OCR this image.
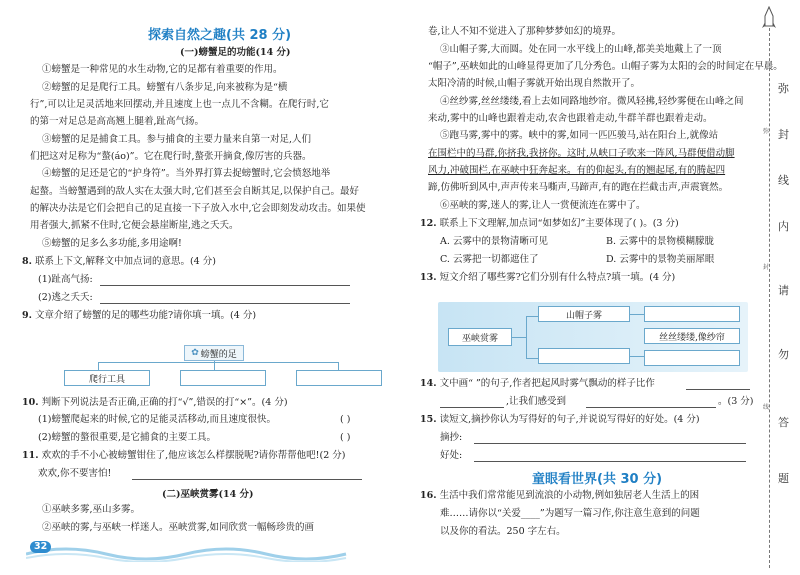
探索自然之趣(共 28 分)
(一)螃蟹足的功能(14 分)
①螃蟹是一种常见的水生动物,它的足都有着重要的作用。
②螃蟹的足是爬行工具。螃蟹有八条步足,向来被称为是“横
行”,可以让足灵活地来回摆动,并且速度上也一点儿不含糊。在爬行时,它
的第一对足总是高高翘上腿着,趾高气扬。
③螃蟹的足是捕食工具。参与捕食的主要力量来自第一对足,人们
们把这对足称为“螯(áo)”。它在爬行时,螯张开摘食,像厉害的兵器。
④螃蟹的足还是它的“护身符”。当外界打算去捉螃蟹时,它会愤怒地举
起螯。当螃蟹遇到的敌人实在太强大时,它们甚至会自断其足,以保护自己。最好
的解决办法是它们会把自己的足直接一下子放入水中,它会即刻发动攻击。如果使
用者强大,抓紧不住时,它便会悬崖断崖,逃之夭夭。
⑤螃蟹的足多么多功能,多用途啊!
8. 联系上下文,解释文中加点词的意思。(4 分)
(1)趾高气扬:
(2)逃之夭夭:
9. 文章介绍了螃蟹的足的哪些功能?请你填一填。(4 分)
✿ 螃蟹的足
爬行工具
10. 判断下列说法是否正确,正确的打“√”,错误的打“×”。(4 分)
(1)螃蟹爬起来的时候,它的足能灵活移动,而且速度很快。	( )
(2)螃蟹的螯很重要,是它捕食的主要工具。	( )
11. 欢欢的手不小心被螃蟹钳住了,他应该怎么样摆脱呢?请你帮帮他吧!(2 分)
欢欢,你不要害怕!
(二)巫峡赏雾(14 分)
①巫峡多雾,巫山多雾。
②巫峡的雾,与巫峡一样迷人。巫峡赏雾,如同欣赏一幅畅珍贵的画
32
卷,让人不知不觉进入了那种梦梦如幻的境界。
③山帽子雾,大而圆。处在同一水平线上的山峰,都美美地戴上了一顶
“帽子”,巫峡如此的山峰显得更加了几分秀色。山帽子雾为太阳的会的时间定在早晨。
太阳冷清的时候,山帽子雾就开始出现自然散开了。
④丝纱雾,丝丝缕缕,看上去如同路地纱帘。微风轻拂,轻纱雾便在山峰之间
来动,雾中的山峰也跟着走动,农舍也跟着走动,牛群羊群也跟着走动。
⑤跑马雾,雾中的雾。峡中的雾,如同一匹匹骏马,站在阳台上,就像站
在围栏中的马群,你挤我,我挤你。这时,从峡口子吹来一阵风,马群便借动脚
风力,冲破围栏,在巫峡中狂奔起来。有的仰起头,有的翘起尾,有的腾起四
蹄,仿佛听到风中,声声传来马嘶声,马蹄声,有的跑在拦截击声,声震寰然。
⑥巫峡的雾,迷人的雾,让人一赏便流连在雾中了。
12. 联系上下文理解,加点词“如梦如幻”主要体现了( )。(3 分)
A. 云雾中的景物清晰可见	B. 云雾中的景物模糊朦胧
C. 云雾把一切都遮住了	D. 云雾中的景物美丽犀眼
13. 短文介绍了哪些雾?它们分别有什么特点?填一填。(4 分)
巫峡赏雾
山帽子雾
丝丝缕缕,像纱帘
14. 文中画“ ”的句子,作者把起风时雾气飘动的样子比作
,让我们感受到	。(3 分)
15. 读短文,摘抄你认为写得好的句子,并说说写得好的好处。(4 分)
摘抄:
好处:
童眼看世界(共 30 分)
16. 生活中我们常常能见到流浪的小动物,例如独居老人生活上的困
难……请你以“关爱____”为题写一篇习作,你注意生意到的问题
以及你的看法。250 字左右。
弥
封
线
弥
封
线
内
请
勿
答
题
